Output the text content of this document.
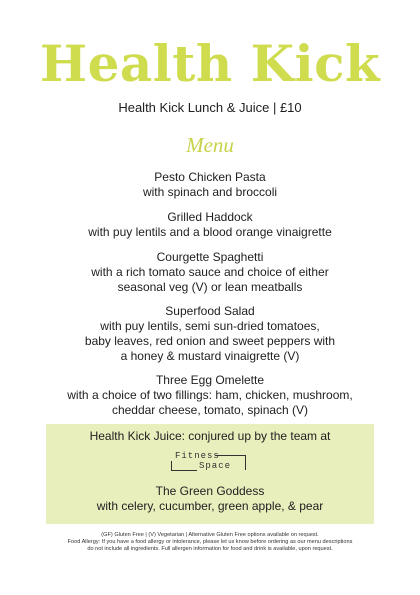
Health Kick
Health Kick Lunch & Juice | £10
Menu
Pesto Chicken Pasta
with spinach and broccoli
Grilled Haddock
with puy lentils and a blood orange vinaigrette
Courgette Spaghetti
with a rich tomato sauce and choice of either
seasonal veg (V) or lean meatballs
Superfood Salad
with puy lentils, semi sun-dried tomatoes,
baby leaves, red onion and sweet peppers with
a honey & mustard vinaigrette (V)
Three Egg Omelette
with a choice of two fillings: ham, chicken, mushroom,
cheddar cheese, tomato, spinach (V)
Health Kick Juice: conjured up by the team at
Fitness
Space
The Green Goddess
with celery, cucumber, green apple, & pear
(GF) Gluten Free | (V) Vegetarian | Alternative Gluten Free options available on request.
Food Allergy: If you have a food allergy or intolerance, please let us know before ordering as our menu descriptions
do not include all ingredients. Full allergen information for food and drink is available, upon request.
